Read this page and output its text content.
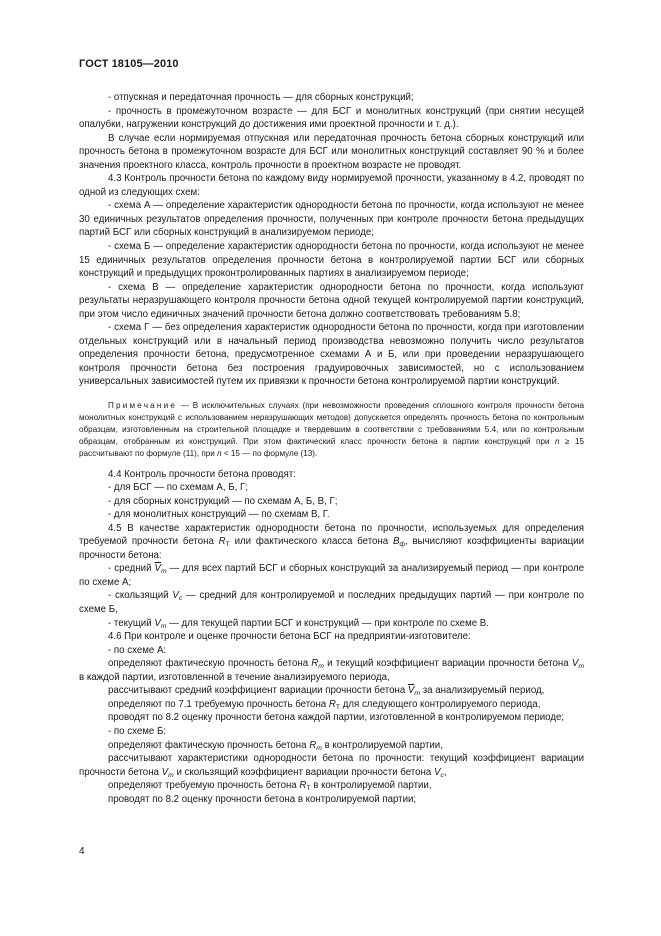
ГОСТ 18105—2010

- отпускная и передаточная прочность — для сборных конструкций;

- прочность в промежуточном возрасте — для БСГ и монолитных конструкций (при снятии несущей опалубки, нагружении конструкций до достижения ими проектной прочности и т. д.).

В случае если нормируемая отпускная или передаточная прочность бетона сборных конструкций или прочность бетона в промежуточном возрасте для БСГ или монолитных конструкций составляет 90 % и более значения проектного класса, контроль прочности в проектном возрасте не проводят.

4.3 Контроль прочности бетона по каждому виду нормируемой прочности, указанному в 4.2, проводят по одной из следующих схем:

- схема А — определение характеристик однородности бетона по прочности, когда используют не менее 30 единичных результатов определения прочности, полученных при контроле прочности бетона предыдущих партий БСГ или сборных конструкций в анализируемом периоде;

- схема Б — определение характеристик однородности бетона по прочности, когда используют не менее 15 единичных результатов определения прочности бетона в контролируемой партии БСГ или сборных конструкций и предыдущих проконтролированных партиях в анализируемом периоде;

- схема В — определение характеристик однородности бетона по прочности, когда используют результаты неразрушающего контроля прочности бетона одной текущей контролируемой партии конструкций, при этом число единичных значений прочности бетона должно соответствовать требованиям 5.8;

- схема Г — без определения характеристик однородности бетона по прочности, когда при изготовлении отдельных конструкций или в начальный период производства невозможно получить число результатов определения прочности бетона, предусмотренное схемами А и Б, или при проведении неразрушающего контроля прочности бетона без построения градуировочных зависимостей, но с использованием универсальных зависимостей путем их привязки к прочности бетона контролируемой партии конструкций.

Примечание — В исключительных случаях (при невозможности проведения сплошного контроля прочности бетона монолитных конструкций с использованием неразрушающих методов) допускается определять прочность бетона по контрольным образцам, изготовленным на строительной площадке и твердевшим в соответствии с требованиями 5.4, или по контрольным образцам, отобранным из конструкций. При этом фактический класс прочности бетона в партии конструкций при n ≥ 15 рассчитывают по формуле (11), при n < 15 — по формуле (13).

4.4 Контроль прочности бетона проводят:

- для БСГ — по схемам А, Б, Г;

- для сборных конструкций — по схемам А, Б, В, Г;

- для монолитных конструкций — по схемам В, Г.

4.5 В качестве характеристик однородности бетона по прочности, используемых для определения требуемой прочности бетона $R_Т$ или фактического класса бетона $B_ф$, вычисляют коэффициенты вариации прочности бетона:

- средний $\overline{V}_m$ — для всех партий БСГ и сборных конструкций за анализируемый период — при контроле по схеме А;

- скользящий $V_c$ — средний для контролируемой и последних предыдущих партий — при контроле по схеме Б,

- текущий $V_m$ — для текущей партии БСГ и конструкций — при контроле по схеме В.

4.6 При контроле и оценке прочности бетона БСГ на предприятии-изготовителе:

- по схеме А:

определяют фактическую прочность бетона $R_m$ и текущий коэффициент вариации прочности бетона $V_m$ в каждой партии, изготовленной в течение анализируемого периода,

рассчитывают средний коэффициент вариации прочности бетона $\overline{V}_m$ за анализируемый период,

определяют по 7.1 требуемую прочность бетона $R_Т$ для следующего контролируемого периода,

проводят по 8.2 оценку прочности бетона каждой партии, изготовленной в контролируемом периоде;

- по схеме Б:

определяют фактическую прочность бетона $R_m$ в контролируемой партии,

рассчитывают характеристики однородности бетона по прочности: текущий коэффициент вариации прочности бетона $V_m$ и скользящий коэффициент вариации прочности бетона $V_c$,

определяют требуемую прочность бетона $R_Т$ в контролируемой партии,

проводят по 8.2 оценку прочности бетона в контролируемой партии;

4
